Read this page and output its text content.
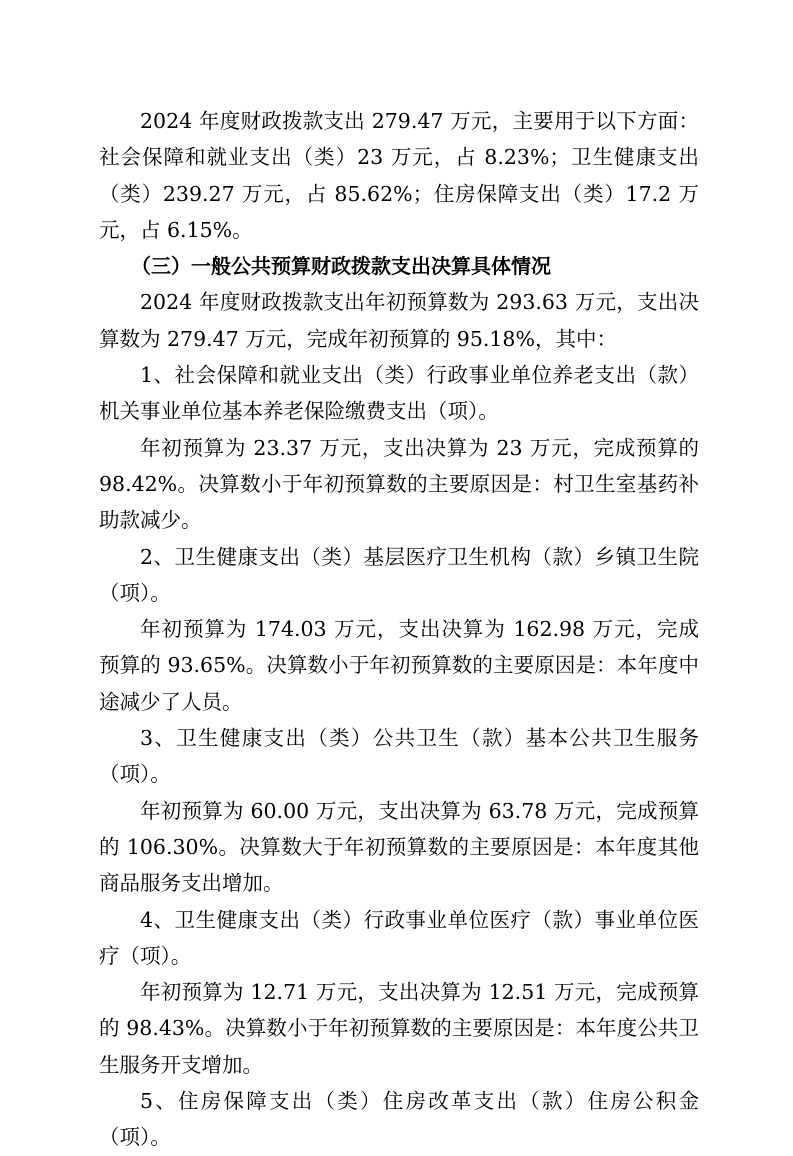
2024 年度财政拨款支出 279.47 万元，主要用于以下方面：社会保障和就业支出（类）23 万元，占 8.23%；卫生健康支出（类）239.27 万元，占 85.62%；住房保障支出（类）17.2 万元，占 6.15%。

（三）一般公共预算财政拨款支出决算具体情况

2024 年度财政拨款支出年初预算数为 293.63 万元，支出决算数为 279.47 万元，完成年初预算的 95.18%，其中：

1、社会保障和就业支出（类）行政事业单位养老支出（款）机关事业单位基本养老保险缴费支出（项）。

年初预算为 23.37 万元，支出决算为 23 万元，完成预算的 98.42%。决算数小于年初预算数的主要原因是：村卫生室基药补助款减少。

2、卫生健康支出（类）基层医疗卫生机构（款）乡镇卫生院（项）。

年初预算为 174.03 万元，支出决算为 162.98 万元，完成预算的 93.65%。决算数小于年初预算数的主要原因是：本年度中途减少了人员。

3、卫生健康支出（类）公共卫生（款）基本公共卫生服务（项）。

年初预算为 60.00 万元，支出决算为 63.78 万元，完成预算的 106.30%。决算数大于年初预算数的主要原因是：本年度其他商品服务支出增加。

4、卫生健康支出（类）行政事业单位医疗（款）事业单位医疗（项）。

年初预算为 12.71 万元，支出决算为 12.51 万元，完成预算的 98.43%。决算数小于年初预算数的主要原因是：本年度公共卫生服务开支增加。

5、住房保障支出（类）住房改革支出（款）住房公积金（项）。
